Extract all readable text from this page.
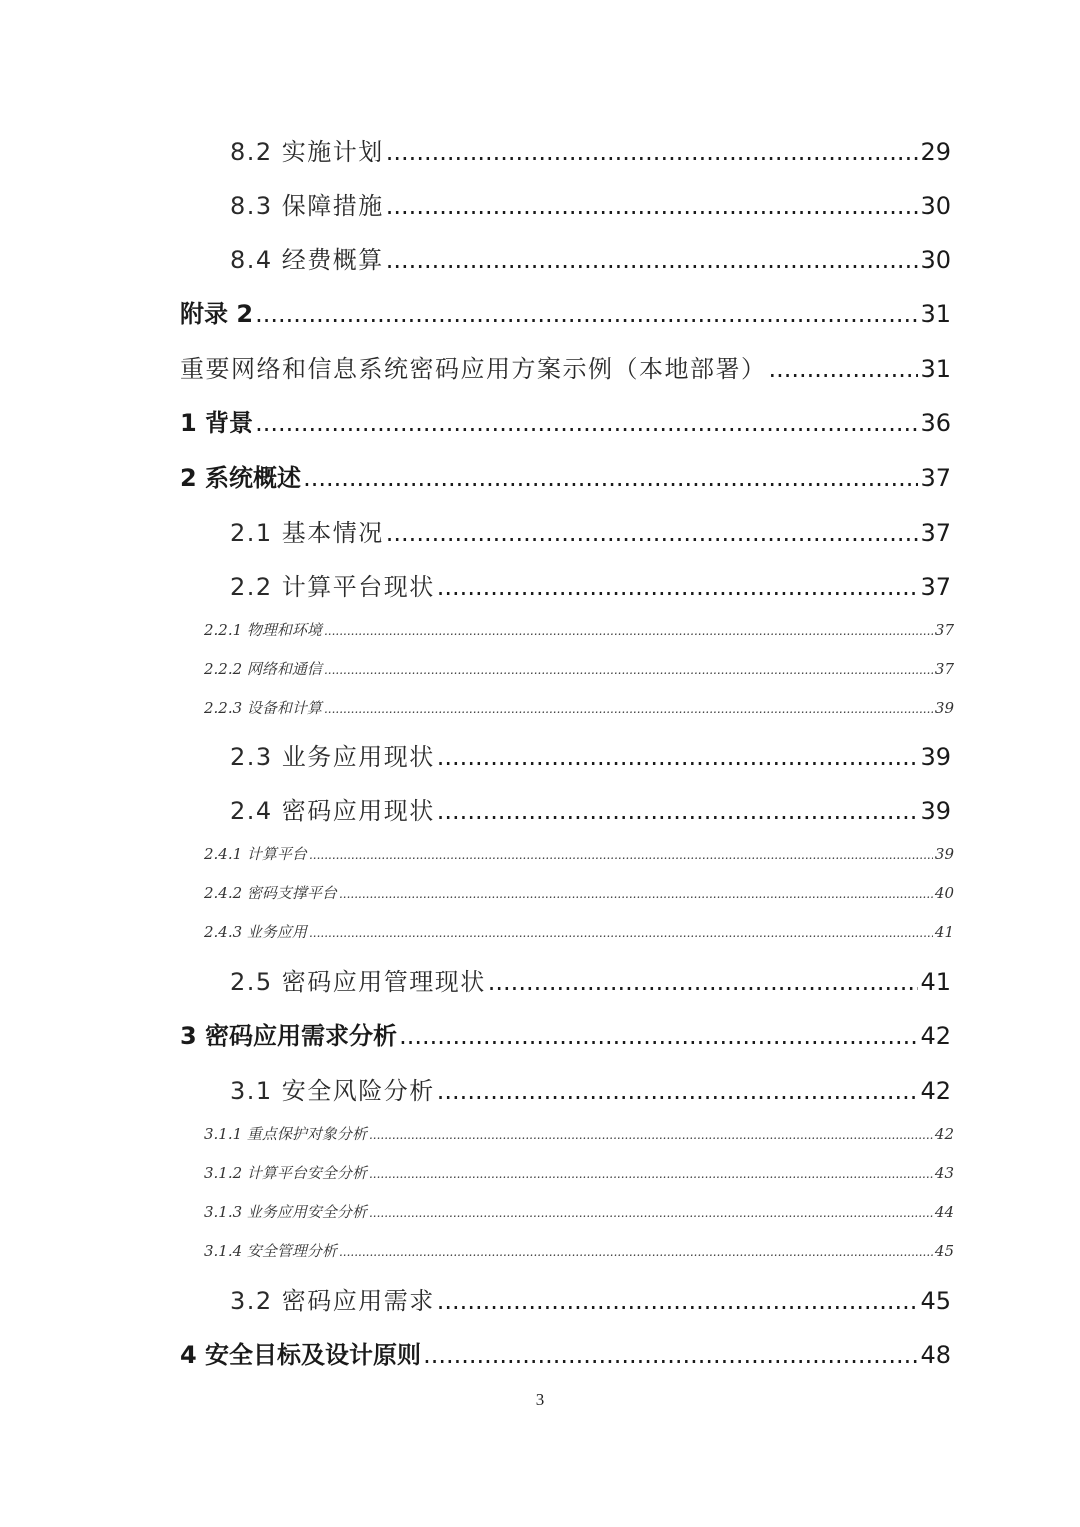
8.2 实施计划 .....	29
8.3 保障措施 .....	30
8.4 经费概算 .....	30
附录 2 .....	31
重要网络和信息系统密码应用方案示例（本地部署） .....	31
1 背景 .....	36
2 系统概述 .....	37
2.1 基本情况 .....	37
2.2 计算平台现状 .....	37
2.2.1 物理和环境 .....	37
2.2.2 网络和通信 .....	37
2.2.3 设备和计算 .....	39
2.3 业务应用现状 .....	39
2.4 密码应用现状 .....	39
2.4.1 计算平台 .....	39
2.4.2 密码支撑平台 .....	40
2.4.3 业务应用 .....	41
2.5 密码应用管理现状 .....	41
3 密码应用需求分析 .....	42
3.1 安全风险分析 .....	42
3.1.1 重点保护对象分析 .....	42
3.1.2 计算平台安全分析 .....	43
3.1.3 业务应用安全分析 .....	44
3.1.4 安全管理分析 .....	45
3.2 密码应用需求 .....	45
4 安全目标及设计原则 .....	48
3
